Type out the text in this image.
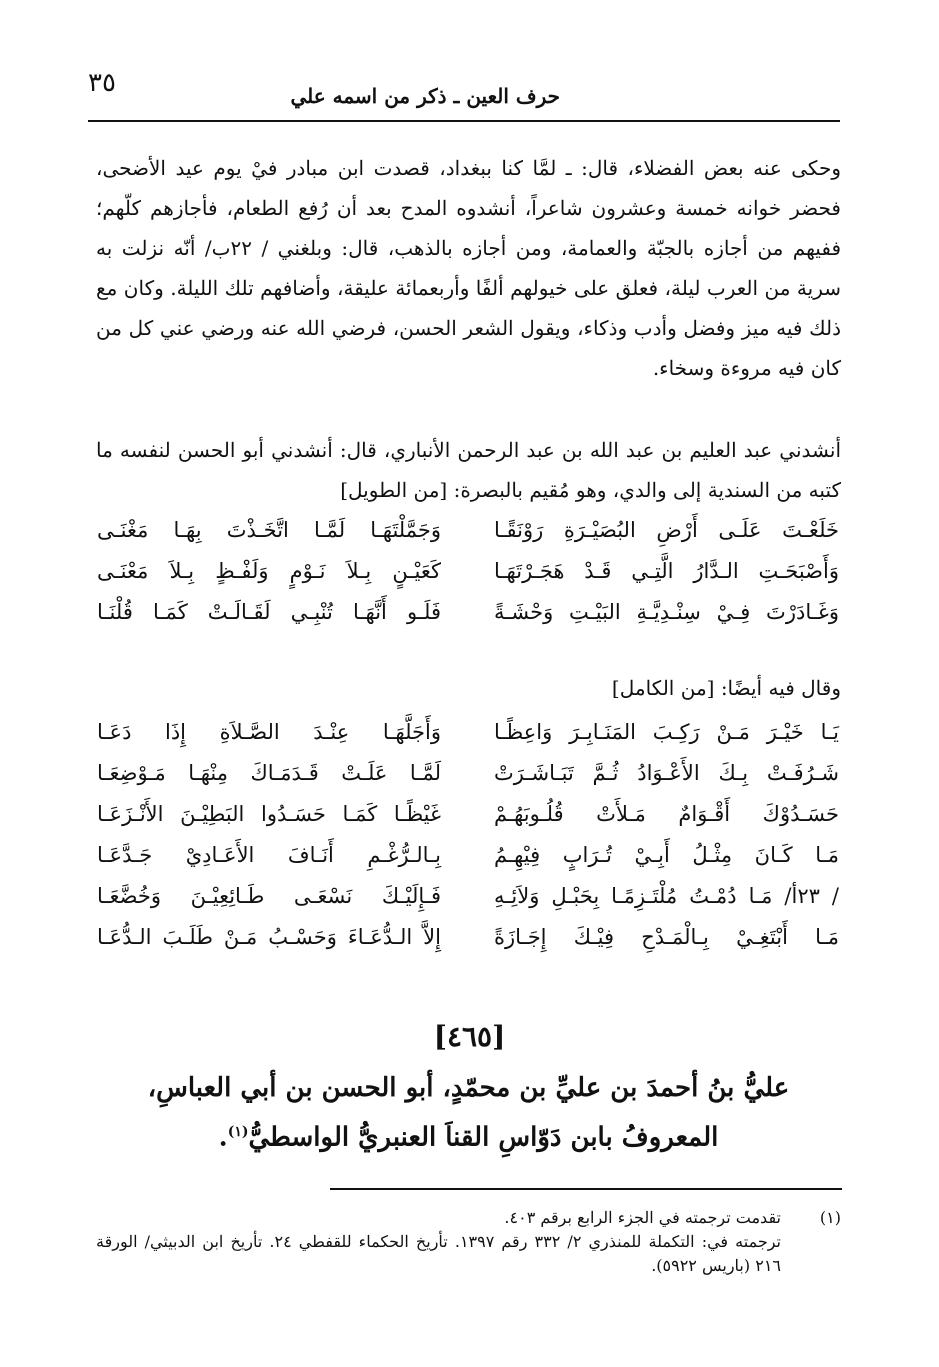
حرف العين ـ ذكر من اسمه علي
٣٥

وحكى عنه بعض الفضلاء، قال: ـ لمَّا كنا ببغداد، قصدت ابن مبادر فيْ يوم عيد الأضحى، فحضر خوانه خمسة وعشرون شاعراً، أنشدوه المدح بعد أن رُفع الطعام، فأجازهم كلّهم؛ ففيهم من أجازه بالجبّة والعمامة، ومن أجازه بالذهب، قال: وبلغني / ٢٢ب/ أنّه نزلت به سرية من العرب ليلة، فعلق على خيولهم ألفًا وأربعمائة عليقة، وأضافهم تلك الليلة. وكان مع ذلك فيه ميز وفضل وأدب وذكاء، ويقول الشعر الحسن، فرضي الله عنه ورضي عني كل من كان فيه مروءة وسخاء.

أنشدني عبد العليم بن عبد الله بن عبد الرحمن الأنباري، قال: أنشدني أبو الحسن لنفسه ما كتبه من السندية إلى والدي، وهو مُقيم بالبصرة: [من الطويل]

خَلَعْـتَ عَلَـى أَرْضِ البُصَيْـرَةِ رَوْنَقًـا
وَجَمَّلْتَهَـا لَمَّـا اتَّخَـذْتَ بِهَـا مَغْنَـى
وَأَصْبَحَـتِ الـدَّارُ الَّتِـي قَـدْ هَجَـرْتَهَـا
كَعَيْـنٍ بِـلاَ نَـوْمٍ وَلَفْـظٍ بِـلاَ مَعْنَـى
وَغَـادَرْتَ فِـيْ سِنْـدِيَّـةِ البَيْـتِ وَحْشَـةً
فَلَـو أَنَّهَـا تُنْبِـي لَقَـالَـتْ كَمَـا قُلْنَـا
وقال فيه أيضًا: [من الكامل]
يَـا خَيْـرَ مَـنْ رَكِـبَ المَنَـابِـرَ وَاعِظًـا
وَأَجَلَّهَـا عِنْـدَ الصَّـلاَةِ إِذَا دَعَـا
شَـرُفَـتْ بِـكَ الأَعْـوَادُ ثُـمَّ تَبَـاشَـرَتْ
لَمَّـا عَلَـتْ قَـدَمَـاكَ مِنْهَـا مَـوْضِعَـا
حَسَـدُوْكَ أَقْـوَامٌ مَـلأَتْ قُلُـوبَهُـمْ
غَيْظًـا كَمَـا حَسَـدُوا البَطِيْـنَ الأَنْـزَعَـا
مَـا كَـانَ مِثْـلُ أَبِـيْ تُـرَابٍ فِيْهِـمُ
بِـالـرُّغْـمِ أَنَـافَ الأَعَـادِيْ جَـدَّعَـا
/ ٢٣أ/ مَـا دُمْـتُ مُلْتَـزِمًـا بِحَبْـلِ وَلاَئِـهِ
فَـإِلَيْـكَ نَسْعَـى طَـائِعِيْـنَ وَخُضَّعَـا
مَـا أَبْتَغِـيْ بِـالْمَـدْحِ فِيْـكَ إِجَـازَةً
إِلاَّ الـدُّعَـاءَ وَحَسْـبُ مَـنْ طَلَـبَ الـدُّعَـا
[٤٦٥]
عليُّ بنُ أحمدَ بن عليِّ بن محمّدٍ، أبو الحسن بن أبي العباسِ،
المعروفُ بابن دَوّاسِ القناَ العنبريُّ الواسطيُّ$^{(١)}$.
(١)
تقدمت ترجمته في الجزء الرابع برقم ٤٠٣.
ترجمته في: التكملة للمنذري ٢/ ٣٣٢ رقم ١٣٩٧. تأريخ الحكماء للقفطي ٢٤. تأريخ ابن الدبيثي/ الورقة ٢١٦ (باريس ٥٩٢٢).
